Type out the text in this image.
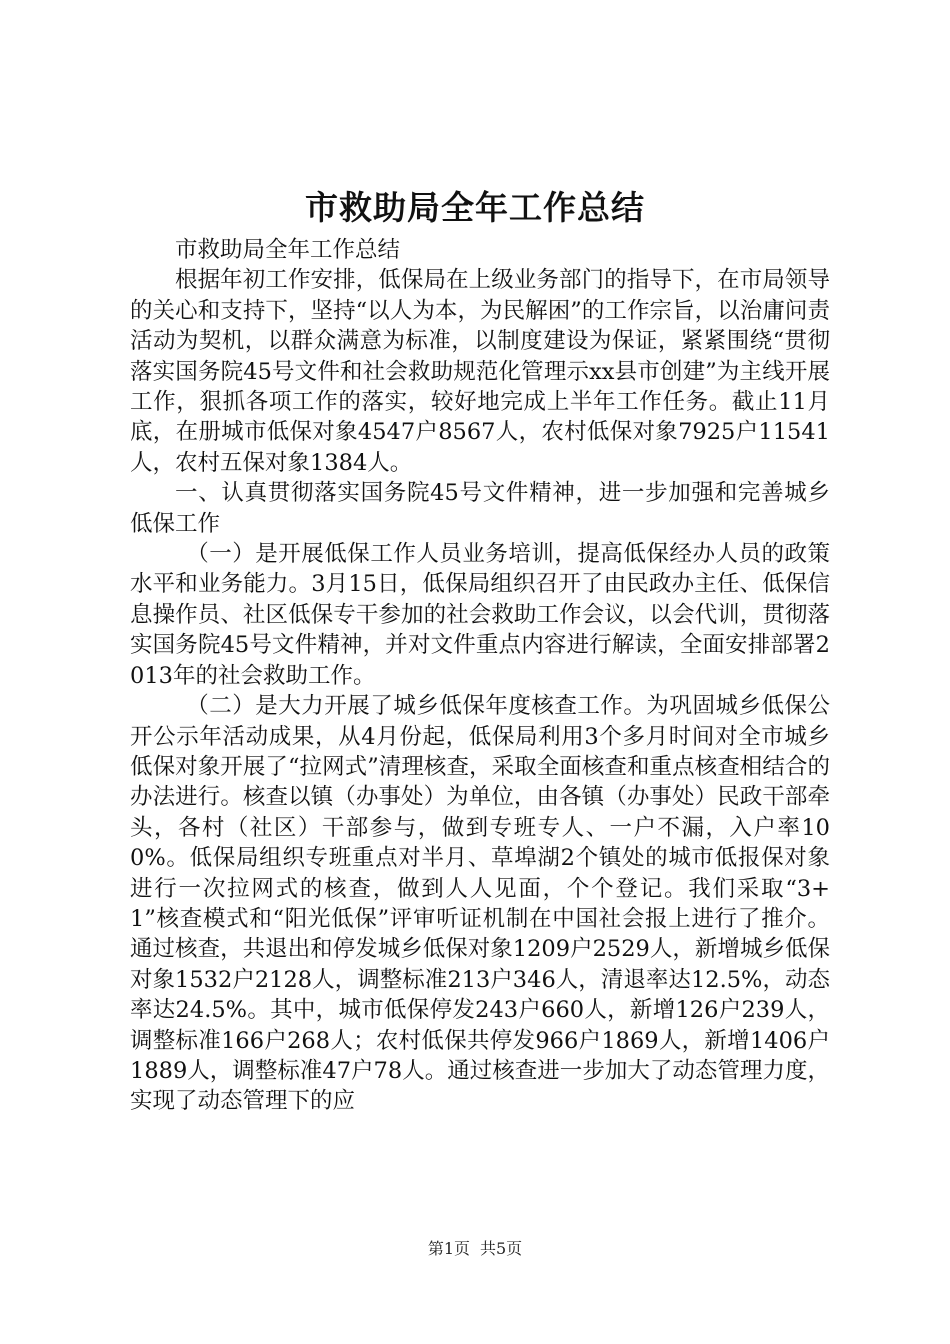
市救助局全年工作总结

市救助局全年工作总结

根据年初工作安排，低保局在上级业务部门的指导下，在市局领导的关心和支持下，坚持“以人为本，为民解困”的工作宗旨，以治庸问责活动为契机，以群众满意为标准，以制度建设为保证，紧紧围绕“贯彻落实国务院45号文件和社会救助规范化管理示xx县市创建”为主线开展工作，狠抓各项工作的落实，较好地完成上半年工作任务。截止11月底，在册城市低保对象4547户8567人，农村低保对象7925户11541人，农村五保对象1384人。

一、认真贯彻落实国务院45号文件精神，进一步加强和完善城乡低保工作

（一）是开展低保工作人员业务培训，提高低保经办人员的政策水平和业务能力。3月15日，低保局组织召开了由民政办主任、低保信息操作员、社区低保专干参加的社会救助工作会议，以会代训，贯彻落实国务院45号文件精神，并对文件重点内容进行解读，全面安排部署2013年的社会救助工作。

（二）是大力开展了城乡低保年度核查工作。为巩固城乡低保公开公示年活动成果，从4月份起，低保局利用3个多月时间对全市城乡低保对象开展了“拉网式”清理核查，采取全面核查和重点核查相结合的办法进行。核查以镇（办事处）为单位，由各镇（办事处）民政干部牵头，各村（社区）干部参与，做到专班专人、一户不漏，入户率100%。低保局组织专班重点对半月、草埠湖2个镇处的城市低报保对象进行一次拉网式的核查，做到人人见面，个个登记。我们采取“3+1”核查模式和“阳光低保”评审听证机制在中国社会报上进行了推介。通过核查，共退出和停发城乡低保对象1209户2529人，新增城乡低保对象1532户2128人，调整标准213户346人，清退率达12.5%，动态率达24.5%。其中，城市低保停发243户660人，新增126户239人，调整标准166户268人；农村低保共停发966户1869人，新增1406户1889人，调整标准47户78人。通过核查进一步加大了动态管理力度，实现了动态管理下的应

第1页 共5页
